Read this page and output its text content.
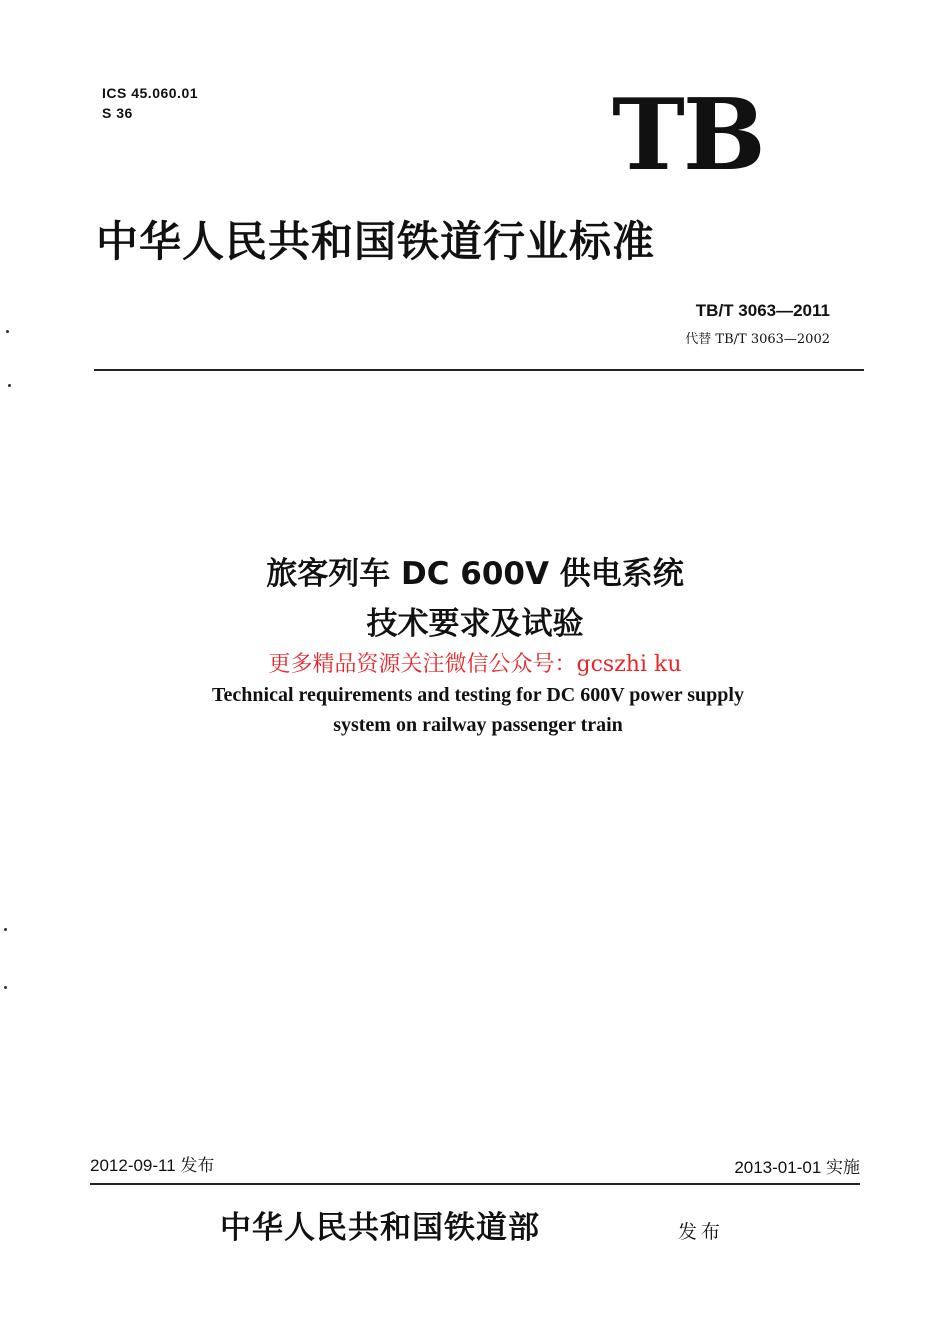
ICS 45.060.01
S 36	TB
中华人民共和国铁道行业标准
TB/T 3063—2011
代替 TB/T 3063—2002
旅客列车 DC 600V 供电系统
技术要求及试验
更多精品资源关注微信公众号：gcszhi ku
Technical requirements and testing for DC 600V power supply
system on railway passenger train
2012-09-11 发布	2013-01-01 实施
中华人民共和国铁道部	发布
